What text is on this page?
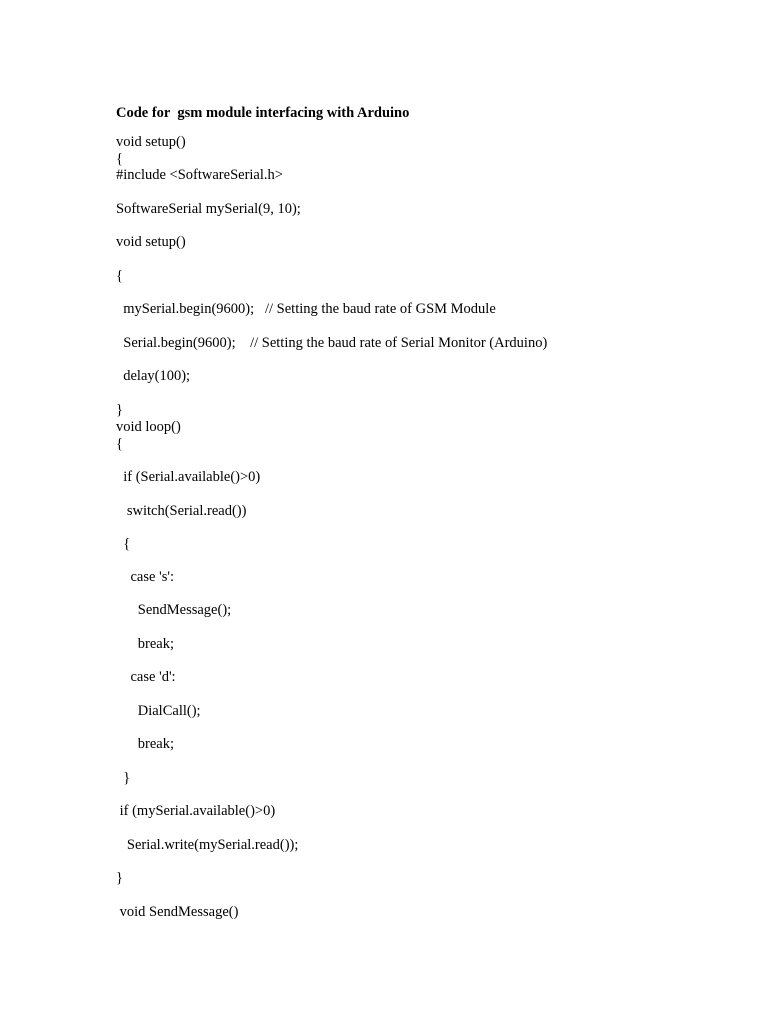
Code for  gsm module interfacing with Arduino
void setup()
{
#include <SoftwareSerial.h>
SoftwareSerial mySerial(9, 10);
void setup()
{
mySerial.begin(9600);   // Setting the baud rate of GSM Module
Serial.begin(9600);    // Setting the baud rate of Serial Monitor (Arduino)
delay(100);
}
void loop()
{
if (Serial.available()>0)
switch(Serial.read())
{
case 's':
SendMessage();
break;
case 'd':
DialCall();
break;
}
if (mySerial.available()>0)
Serial.write(mySerial.read());
}
void SendMessage()
